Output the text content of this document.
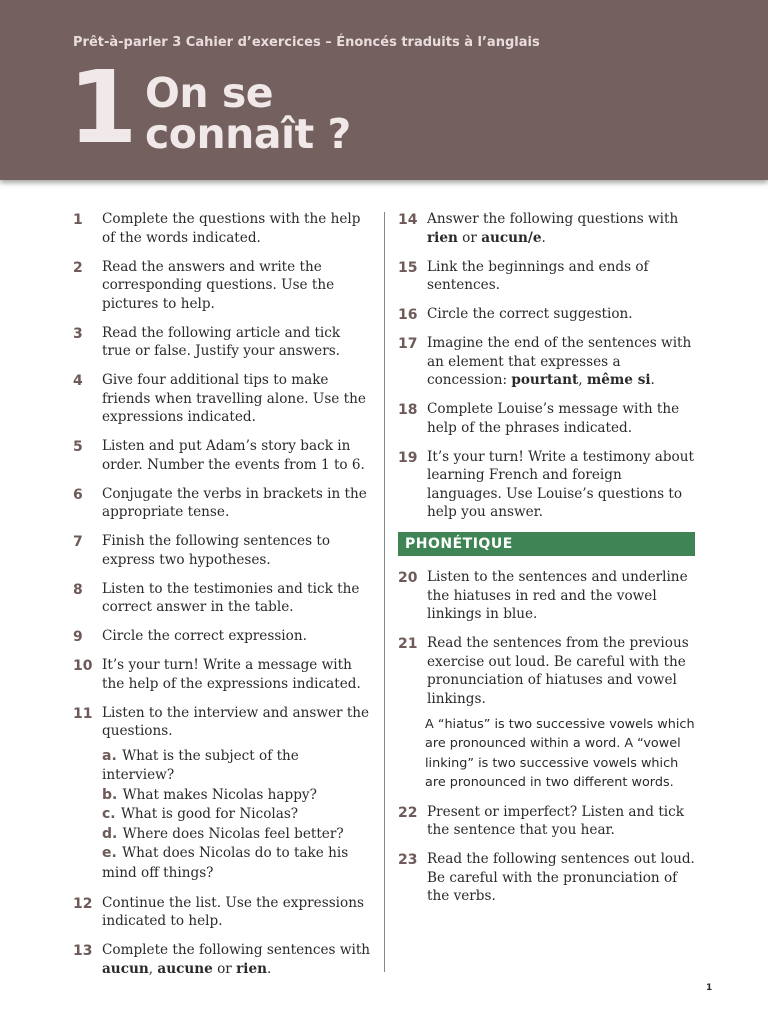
Prêt-à-parler 3 Cahier d’exercices – Énoncés traduits à l’anglais
1 On se
connaît ?
1	Complete the questions with the help of the words indicated.
2	Read the answers and write the corresponding questions. Use the pictures to help.
3	Read the following article and tick true or false. Justify your answers.
4	Give four additional tips to make friends when travelling alone. Use the expressions indicated.
5	Listen and put Adam’s story back in order. Number the events from 1 to 6.
6	Conjugate the verbs in brackets in the appropriate tense.
7	Finish the following sentences to express two hypotheses.
8	Listen to the testimonies and tick the correct answer in the table.
9	Circle the correct expression.
10 It’s your turn! Write a message with the help of the expressions indicated.
11 Listen to the interview and answer the questions.
a. What is the subject of the interview?
b. What makes Nicolas happy?
c. What is good for Nicolas?
d. Where does Nicolas feel better?
e. What does Nicolas do to take his mind off things?
12 Continue the list. Use the expressions indicated to help.
13 Complete the following sentences with aucun, aucune or rien.
14 Answer the following questions with rien or aucun/e.
15 Link the beginnings and ends of sentences.
16 Circle the correct suggestion.
17 Imagine the end of the sentences with an element that expresses a concession: pourtant, même si.
18 Complete Louise’s message with the help of the phrases indicated.
19 It’s your turn! Write a testimony about learning French and foreign languages. Use Louise’s questions to help you answer.
PHONÉTIQUE
20 Listen to the sentences and underline the hiatuses in red and the vowel linkings in blue.
21 Read the sentences from the previous exercise out loud. Be careful with the pronunciation of hiatuses and vowel linkings.
A “hiatus” is two successive vowels which are pronounced within a word. A “vowel linking” is two successive vowels which are pronounced in two different words.
22 Present or imperfect? Listen and tick the sentence that you hear.
23 Read the following sentences out loud. Be careful with the pronunciation of the verbs.
1
